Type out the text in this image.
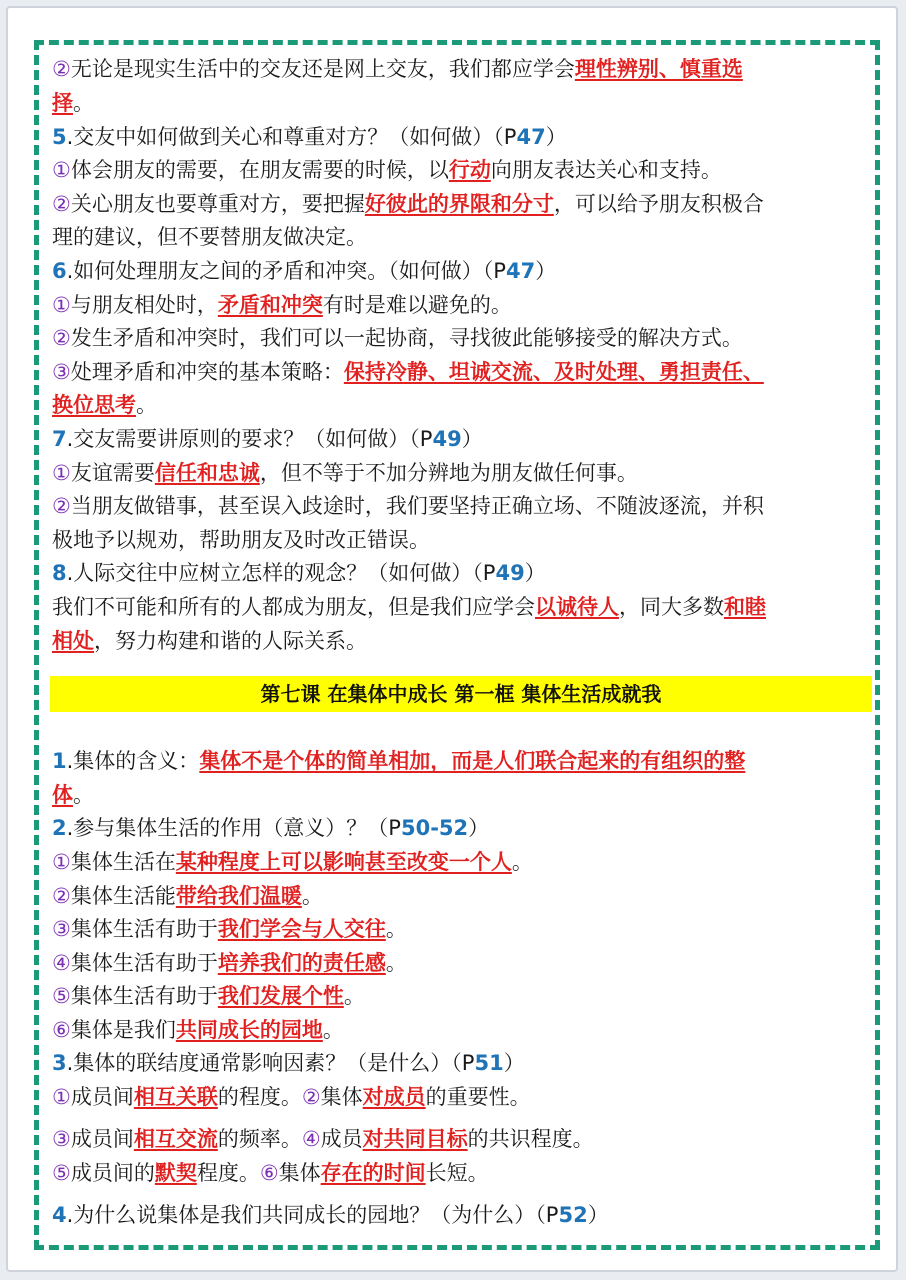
②无论是现实生活中的交友还是网上交友，我们都应学会理性辨别、慎重选
择。
5.交友中如何做到关心和尊重对方？（如何做）（P47）
①体会朋友的需要，在朋友需要的时候，以行动向朋友表达关心和支持。
②关心朋友也要尊重对方，要把握好彼此的界限和分寸，可以给予朋友积极合
理的建议，但不要替朋友做决定。
6.如何处理朋友之间的矛盾和冲突。（如何做）（P47）
①与朋友相处时，矛盾和冲突有时是难以避免的。
②发生矛盾和冲突时，我们可以一起协商，寻找彼此能够接受的解决方式。
③处理矛盾和冲突的基本策略：保持冷静、坦诚交流、及时处理、勇担责任、
换位思考。
7.交友需要讲原则的要求？（如何做）（P49）
①友谊需要信任和忠诚，但不等于不加分辨地为朋友做任何事。
②当朋友做错事，甚至误入歧途时，我们要坚持正确立场、不随波逐流，并积
极地予以规劝，帮助朋友及时改正错误。
8.人际交往中应树立怎样的观念？（如何做）（P49）
我们不可能和所有的人都成为朋友，但是我们应学会以诚待人，同大多数和睦
相处，努力构建和谐的人际关系。
第七课 在集体中成长 第一框 集体生活成就我
1.集体的含义：集体不是个体的简单相加，而是人们联合起来的有组织的整
体。
2.参与集体生活的作用（意义）？（P50-52）
①集体生活在某种程度上可以影响甚至改变一个人。
②集体生活能带给我们温暖。
③集体生活有助于我们学会与人交往。
④集体生活有助于培养我们的责任感。
⑤集体生活有助于我们发展个性。
⑥集体是我们共同成长的园地。
3.集体的联结度通常影响因素？（是什么）（P51）
①成员间相互关联的程度。②集体对成员的重要性。
③成员间相互交流的频率。④成员对共同目标的共识程度。
⑤成员间的默契程度。⑥集体存在的时间长短。
4.为什么说集体是我们共同成长的园地？（为什么）（P52）
